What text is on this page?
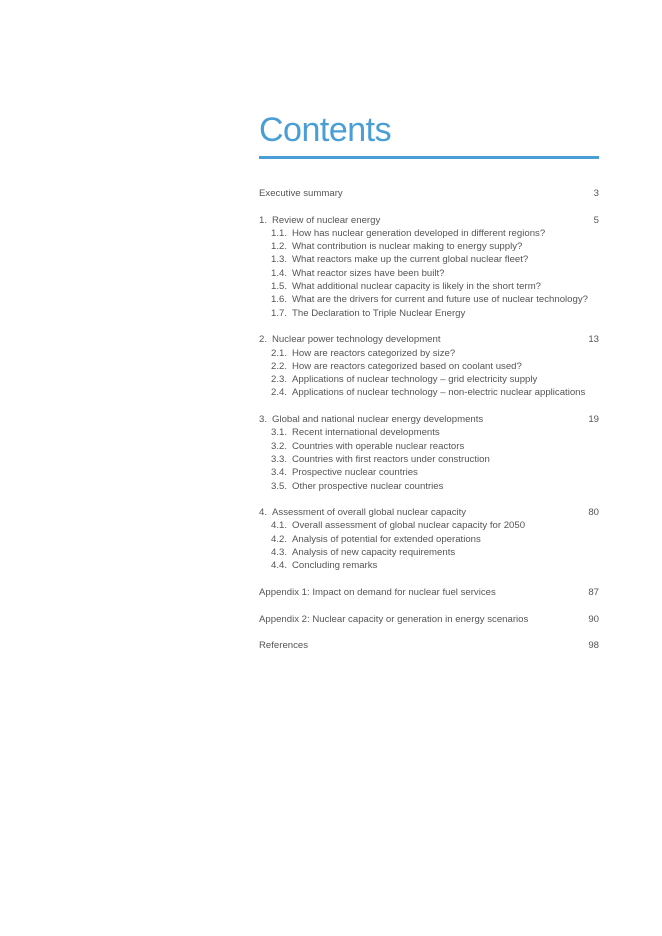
Contents
Executive summary	3
1. Review of nuclear energy	5
1.1. How has nuclear generation developed in different regions?
1.2. What contribution is nuclear making to energy supply?
1.3. What reactors make up the current global nuclear fleet?
1.4. What reactor sizes have been built?
1.5. What additional nuclear capacity is likely in the short term?
1.6. What are the drivers for current and future use of nuclear technology?
1.7. The Declaration to Triple Nuclear Energy
2. Nuclear power technology development	13
2.1. How are reactors categorized by size?
2.2. How are reactors categorized based on coolant used?
2.3. Applications of nuclear technology – grid electricity supply
2.4. Applications of nuclear technology – non-electric nuclear applications
3. Global and national nuclear energy developments	19
3.1. Recent international developments
3.2. Countries with operable nuclear reactors
3.3. Countries with first reactors under construction
3.4. Prospective nuclear countries
3.5. Other prospective nuclear countries
4. Assessment of overall global nuclear capacity	80
4.1. Overall assessment of global nuclear capacity for 2050
4.2. Analysis of potential for extended operations
4.3. Analysis of new capacity requirements
4.4. Concluding remarks
Appendix 1: Impact on demand for nuclear fuel services	87
Appendix 2: Nuclear capacity or generation in energy scenarios	90
References	98
